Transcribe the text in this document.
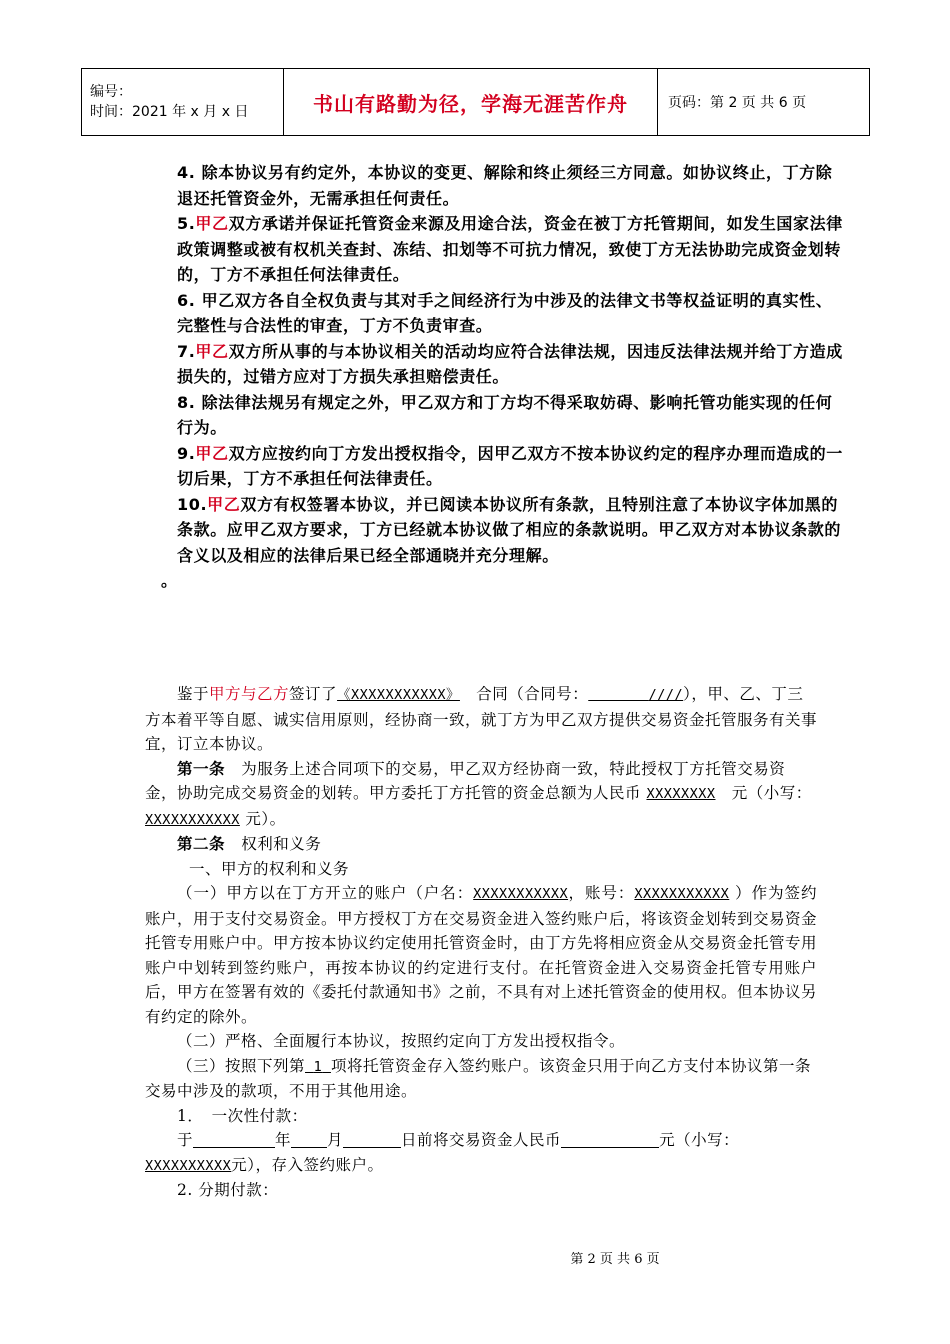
编号：
时间：2021 年 x 月 x 日	书山有路勤为径，学海无涯苦作舟	页码：第 2 页 共 6 页
4. 除本协议另有约定外，本协议的变更、解除和终止须经三方同意。如协议终止，丁方除退还托管资金外，无需承担任何责任。
5.甲乙双方承诺并保证托管资金来源及用途合法，资金在被丁方托管期间，如发生国家法律政策调整或被有权机关查封、冻结、扣划等不可抗力情况，致使丁方无法协助完成资金划转的，丁方不承担任何法律责任。
6. 甲乙双方各自全权负责与其对手之间经济行为中涉及的法律文书等权益证明的真实性、完整性与合法性的审查，丁方不负责审查。
7.甲乙双方所从事的与本协议相关的活动均应符合法律法规，因违反法律法规并给丁方造成损失的，过错方应对丁方损失承担赔偿责任。
8. 除法律法规另有规定之外，甲乙双方和丁方均不得采取妨碍、影响托管功能实现的任何行为。
9.甲乙双方应按约向丁方发出授权指令，因甲乙双方不按本协议约定的程序办理而造成的一切后果，丁方不承担任何法律责任。
10.甲乙双方有权签署本协议，并已阅读本协议所有条款，且特别注意了本协议字体加黑的条款。应甲乙双方要求，丁方已经就本协议做了相应的条款说明。甲乙双方对本协议条款的含义以及相应的法律后果已经全部通晓并充分理解。
。

鉴于甲方与乙方签订了《XXXXXXXXXXX》 合同（合同号：	////），甲、乙、丁三方本着平等自愿、诚实信用原则，经协商一致，就丁方为甲乙双方提供交易资金托管服务有关事宜，订立本协议。

第一条 为服务上述合同项下的交易，甲乙双方经协商一致，特此授权丁方托管交易资金，协助完成交易资金的划转。甲方委托丁方托管的资金总额为人民币 XXXXXXXX 元（小写：XXXXXXXXXXX 元）。

第二条 权利和义务

一、甲方的权利和义务

（一）甲方以在丁方开立的账户（户名：XXXXXXXXXXX，账号：XXXXXXXXXXX ）作为签约账户，用于支付交易资金。甲方授权丁方在交易资金进入签约账户后，将该资金划转到交易资金托管专用账户中。甲方按本协议约定使用托管资金时，由丁方先将相应资金从交易资金托管专用账户中划转到签约账户，再按本协议的约定进行支付。在托管资金进入交易资金托管专用账户后，甲方在签署有效的《委托付款通知书》之前，不具有对上述托管资金的使用权。但本协议另有约定的除外。

（二）严格、全面履行本协议，按照约定向丁方发出授权指令。

（三）按照下列第 1 项将托管资金存入签约账户。该资金只用于向乙方支付本协议第一条交易中涉及的款项，不用于其他用途。

1．　一次性付款：

于	年 月	日前将交易资金人民币	元（小写：XXXXXXXXXX元），存入签约账户。

2. 分期付款：

第 2 页 共 6 页
